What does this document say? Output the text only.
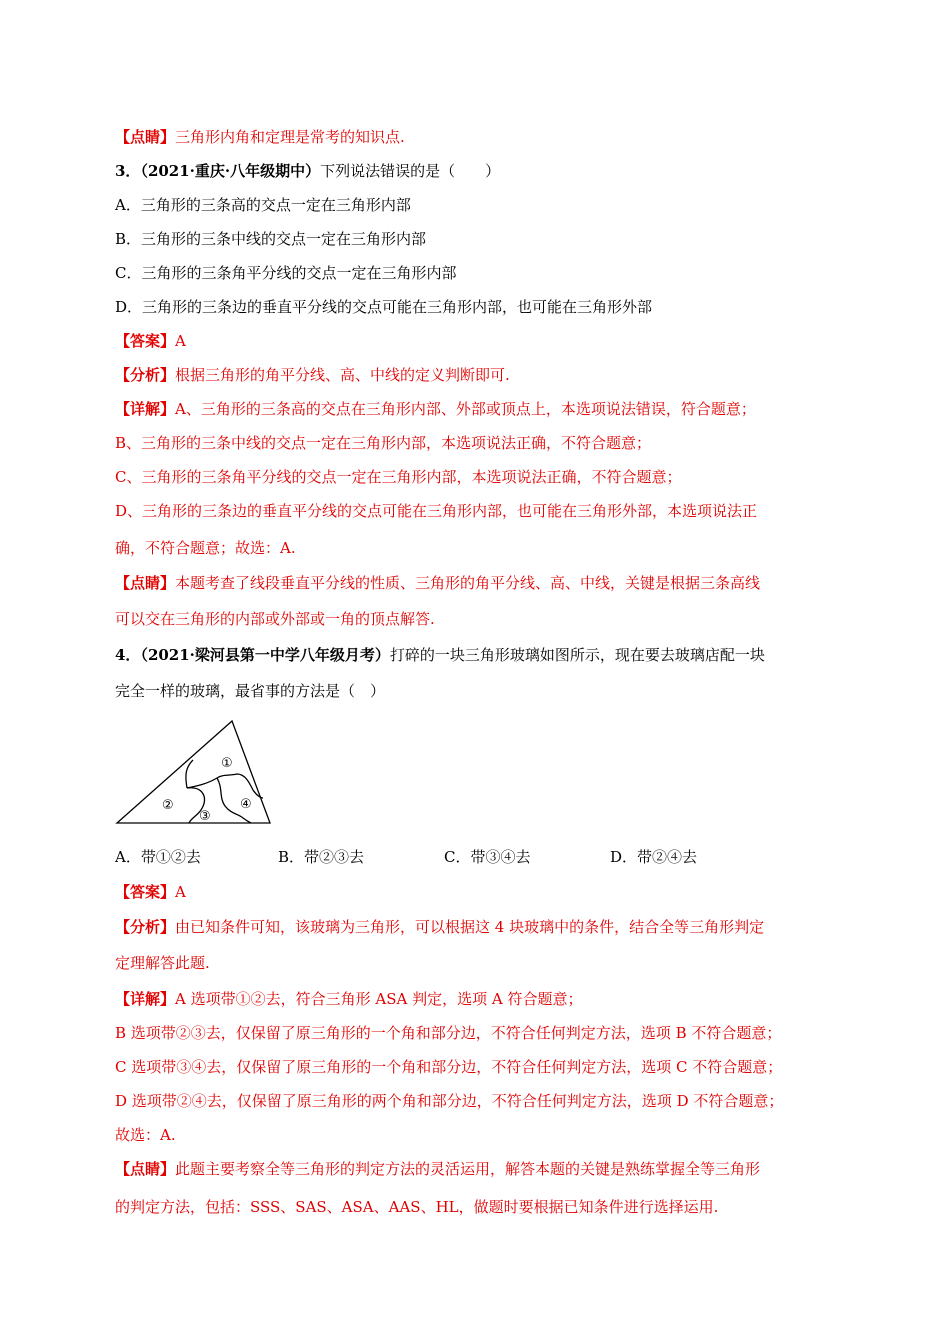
【点睛】三角形内角和定理是常考的知识点.
3．（2021·重庆·八年级期中）下列说法错误的是（　　）
A．三角形的三条高的交点一定在三角形内部
B．三角形的三条中线的交点一定在三角形内部
C．三角形的三条角平分线的交点一定在三角形内部
D．三角形的三条边的垂直平分线的交点可能在三角形内部，也可能在三角形外部
【答案】A
【分析】根据三角形的角平分线、高、中线的定义判断即可.
【详解】A、三角形的三条高的交点在三角形内部、外部或顶点上，本选项说法错误，符合题意；
B、三角形的三条中线的交点一定在三角形内部，本选项说法正确，不符合题意；
C、三角形的三条角平分线的交点一定在三角形内部，本选项说法正确，不符合题意；
D、三角形的三条边的垂直平分线的交点可能在三角形内部，也可能在三角形外部，本选项说法正
确，不符合题意；故选：A.
【点睛】本题考查了线段垂直平分线的性质、三角形的角平分线、高、中线，关键是根据三条高线
可以交在三角形的内部或外部或一角的顶点解答.
4．（2021·梁河县第一中学八年级月考）打碎的一块三角形玻璃如图所示，现在要去玻璃店配一块
完全一样的玻璃，最省事的方法是（　）
①
②
③
④
A．带①②去	B．带②③去	C．带③④去	D．带②④去
【答案】A
【分析】由已知条件可知，该玻璃为三角形，可以根据这 4 块玻璃中的条件，结合全等三角形判定
定理解答此题.
【详解】A 选项带①②去，符合三角形 ASA 判定，选项 A 符合题意；
B 选项带②③去，仅保留了原三角形的一个角和部分边，不符合任何判定方法，选项 B 不符合题意；
C 选项带③④去，仅保留了原三角形的一个角和部分边，不符合任何判定方法，选项 C 不符合题意；
D 选项带②④去，仅保留了原三角形的两个角和部分边，不符合任何判定方法，选项 D 不符合题意；
故选：A.
【点睛】此题主要考察全等三角形的判定方法的灵活运用，解答本题的关键是熟练掌握全等三角形
的判定方法，包括：SSS、SAS、ASA、AAS、HL，做题时要根据已知条件进行选择运用.
